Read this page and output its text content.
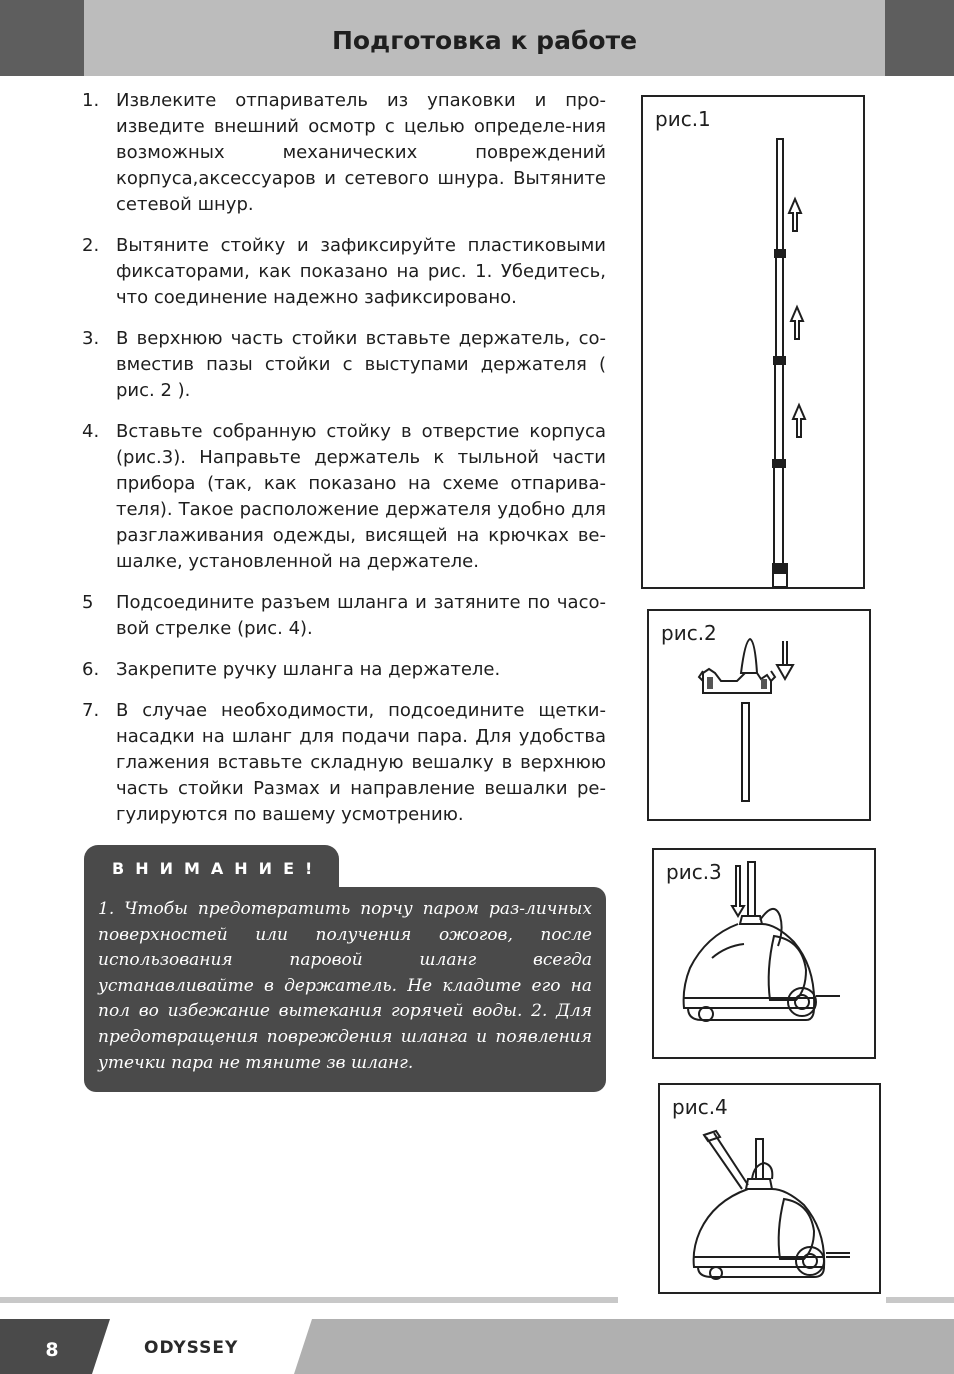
Подготовка к работе
1. Извлеките отпариватель из упаковки и про-изведите внешний осмотр с целью определе-ния возможных механических повреждений корпуса,аксессуаров и сетевого шнура. Вытяните сетевой шнур.
2. Вытяните стойку и зафиксируйте пластиковыми фиксаторами, как показано на рис. 1. Убедитесь, что соединение надежно зафиксировано.
3. В верхнюю часть стойки вставьте держатель, со-вместив пазы стойки с выступами держателя ( рис. 2 ).
4. Вставьте собранную стойку в отверстие корпуса (рис.3). Направьте держатель к тыльной части прибора (так, как показано на схеме отпарива-теля). Такое расположение держателя удобно для разглаживания одежды, висящей на крючках ве-шалке, установленной на держателе.
5	Подсоедините разъем шланга и затяните по часо-вой стрелке (рис. 4).
6. Закрепите ручку шланга на держателе.
7. В случае необходимости, подсоедините щетки-насадки на шланг для подачи пара. Для удобства глажения вставьте складную вешалку в верхнюю часть стойки Размах и направление вешалки ре-гулируются по вашему усмотрению.
ВНИМАНИЕ!
1. Чтобы предотвратить порчу паром раз-личных поверхностей или получения ожогов, после использования паровой шланг всегда устанавливайте в держатель. Не кладите его на пол во избежание вытекания горячей воды. 2. Для предотвращения повреждения шланга и появления утечки пара не тяните зв шланг.
рис.1
рис.2
рис.3
рис.4
8	ODYSSEY
